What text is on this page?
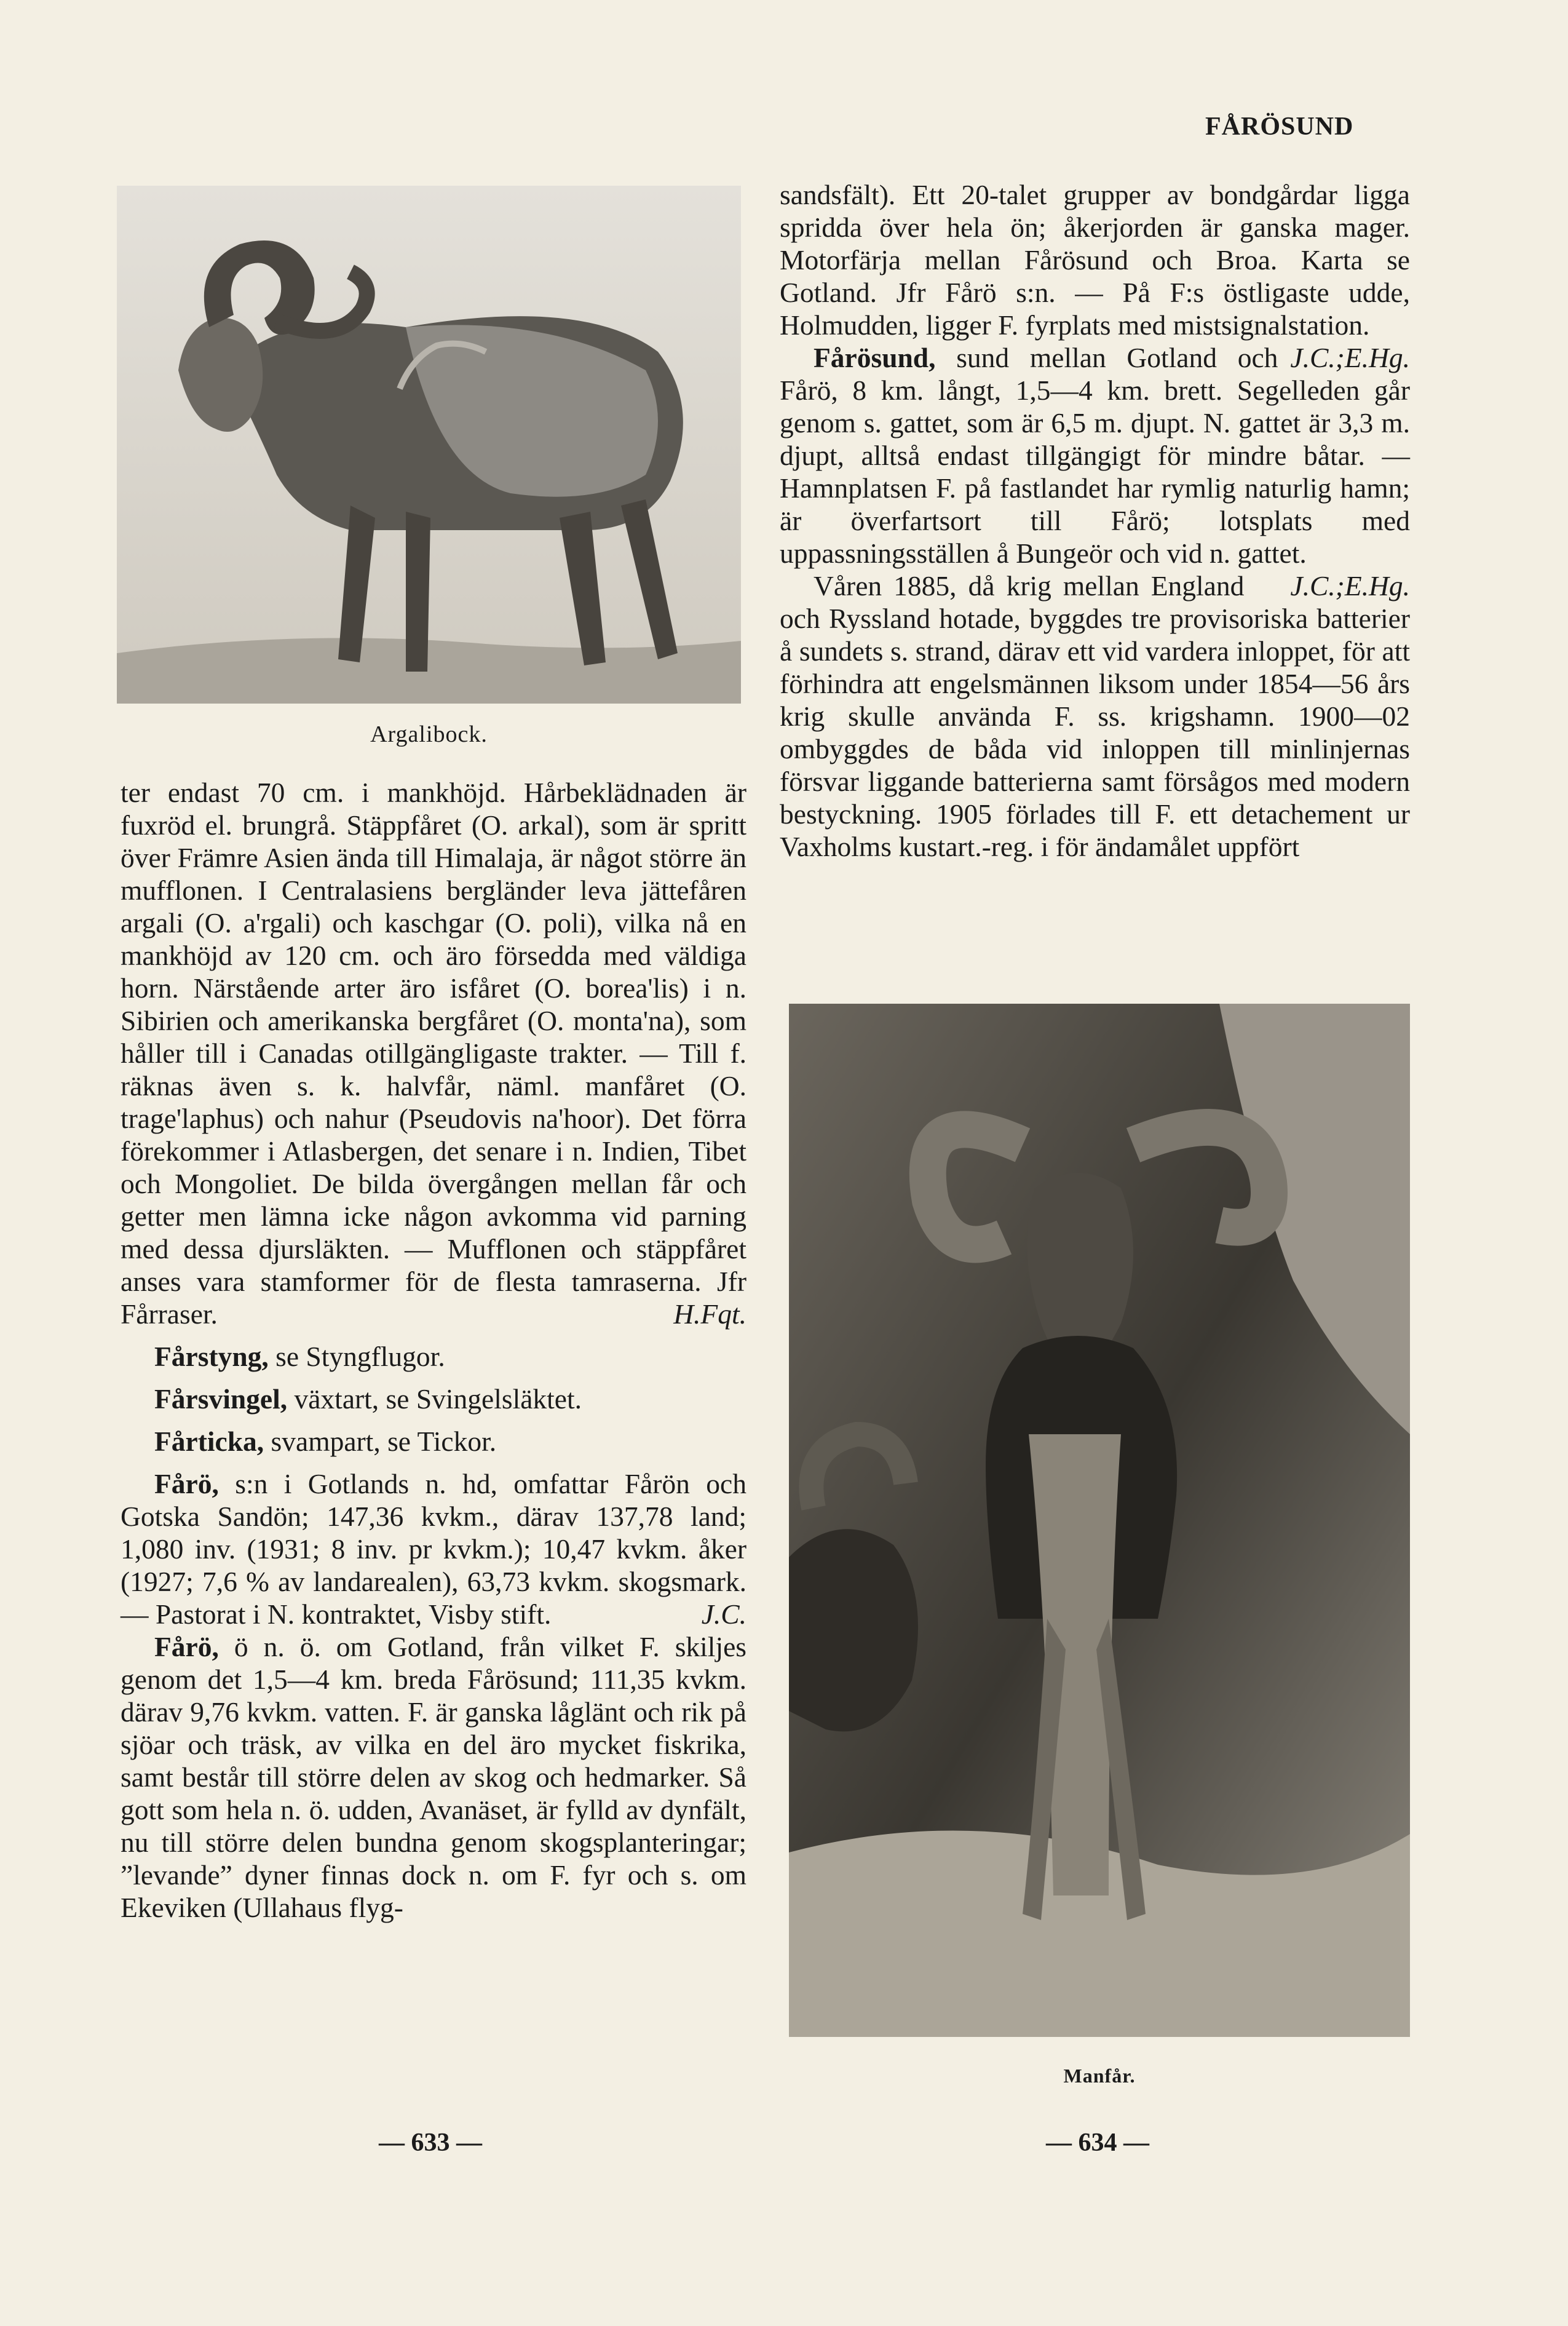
FÅRÖSUND
Argalibock.

ter endast 70 cm. i mankhöjd. Hårbeklädnaden är fuxröd el. brungrå. Stäppfåret (O. arkal), som är spritt över Främre Asien ända till Himalaja, är något större än mufflonen. I Centralasiens bergländer leva jättefåren argali (O. a'rgali) och kaschgar (O. poli), vilka nå en mankhöjd av 120 cm. och äro försedda med väldiga horn. Närstående arter äro isfåret (O. borea'lis) i n. Sibirien och amerikanska bergfåret (O. monta'na), som håller till i Canadas otillgängligaste trakter. — Till f. räknas även s. k. halvfår, näml. manfåret (O. trage'laphus) och nahur (Pseudovis na'hoor). Det förra förekommer i Atlasbergen, det senare i n. Indien, Tibet och Mongoliet. De bilda övergången mellan får och getter men lämna icke någon avkomma vid parning med dessa djursläkten. — Mufflonen och stäppfåret anses vara stamformer för de flesta tamraserna. Jfr Fårraser.	H.Fqt.

Fårstyng, se Styngflugor.

Fårsvingel, växtart, se Svingelsläktet.

Fårticka, svampart, se Tickor.

Fårö, s:n i Gotlands n. hd, omfattar Fårön och Gotska Sandön; 147,36 kvkm., därav 137,78 land; 1,080 inv. (1931; 8 inv. pr kvkm.); 10,47 kvkm. åker (1927; 7,6 % av landarealen), 63,73 kvkm. skogsmark. — Pastorat i N. kontraktet, Visby stift.	J.C.

Fårö, ö n. ö. om Gotland, från vilket F. skiljes genom det 1,5—4 km. breda Fårösund; 111,35 kvkm. därav 9,76 kvkm. vatten. F. är ganska låglänt och rik på sjöar och träsk, av vilka en del äro mycket fiskrika, samt består till större delen av skog och hedmarker. Så gott som hela n. ö. udden, Avanäset, är fylld av dynfält, nu till större delen bundna genom skogsplanteringar; ”levande” dyner finnas dock n. om F. fyr och s. om Ekeviken (Ullahaus flyg-

sandsfält). Ett 20-talet grupper av bondgårdar ligga spridda över hela ön; åkerjorden är ganska mager. Motorfärja mellan Fårösund och Broa. Karta se Gotland. Jfr Fårö s:n. — På F:s östligaste udde, Holmudden, ligger F. fyrplats med mistsignalstation.
J.C.;E.Hg.

Fårösund, sund mellan Gotland och Fårö, 8 km. långt, 1,5—4 km. brett. Segelleden går genom s. gattet, som är 6,5 m. djupt. N. gattet är 3,3 m. djupt, alltså endast tillgängigt för mindre båtar. — Hamnplatsen F. på fastlandet har rymlig naturlig hamn; är överfartsort till Fårö; lotsplats med uppassningsställen å Bungeör och vid n. gattet.
J.C.;E.Hg.

Våren 1885, då krig mellan England och Ryssland hotade, byggdes tre provisoriska batterier å sundets s. strand, därav ett vid vardera inloppet, för att förhindra att engelsmännen liksom under 1854—56 års krig skulle använda F. ss. krigshamn. 1900—02 ombyggdes de båda vid inloppen till minlinjernas försvar liggande batterierna samt försågos med modern bestyckning. 1905 förlades till F. ett detachement ur Vaxholms kustart.-reg. i för ändamålet uppfört

Manfår.
— 633 —	— 634 —
